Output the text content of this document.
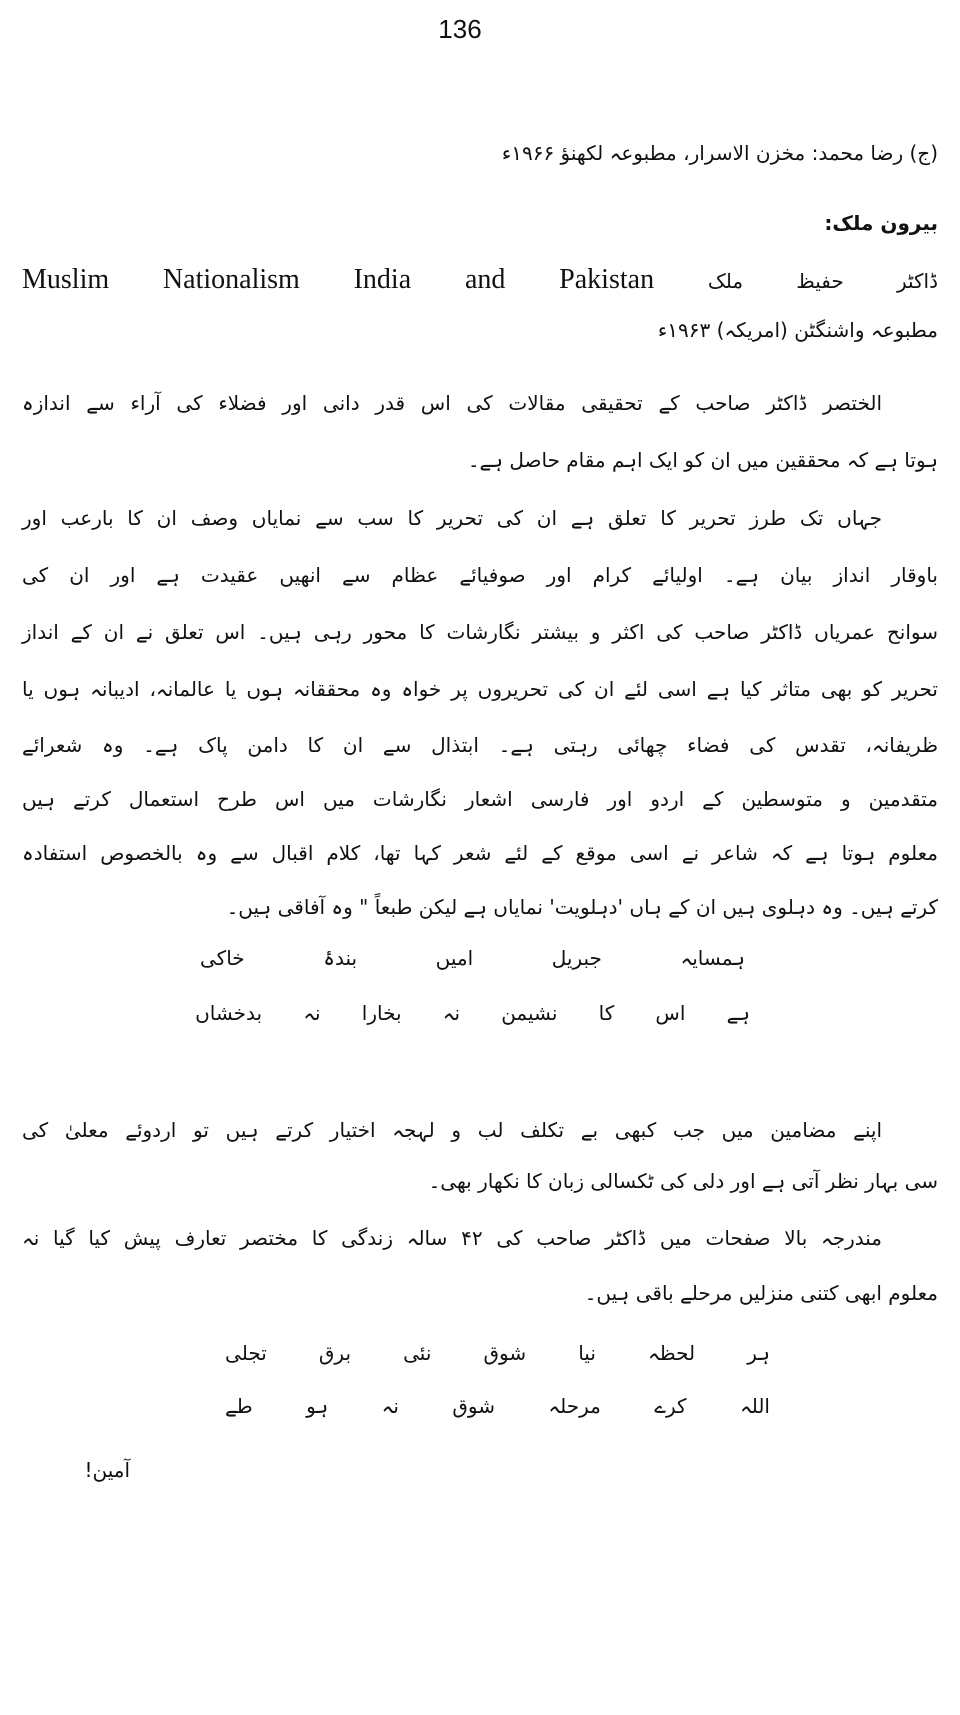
136
(ج) رضا محمد: مخزن الاسرار، مطبوعہ لکھنؤ ۱۹۶۶ء
بیرون ملک:
Muslim Nationalism India and Pakistan	ڈاکٹر حفیظ ملک
مطبوعہ واشنگٹن (امریکہ) ۱۹۶۳ء
الختصر ڈاکٹر صاحب کے تحقیقی مقالات کی اس قدر دانی اور فضلاء کی آراء سے اندازہ
ہوتا ہے کہ محققین میں ان کو ایک اہم مقام حاصل ہے۔
جہاں تک طرز تحریر کا تعلق ہے ان کی تحریر کا سب سے نمایاں وصف ان کا بارعب اور
باوقار انداز بیان ہے۔ اولیائے کرام اور صوفیائے عظام سے انھیں عقیدت ہے اور ان کی
سوانح عمریاں ڈاکٹر صاحب کی اکثر و بیشتر نگارشات کا محور رہی ہیں۔ اس تعلق نے ان کے انداز
تحریر کو بھی متاثر کیا ہے اسی لئے ان کی تحریروں پر خواہ وہ محققانہ ہوں یا عالمانہ، ادیبانہ ہوں یا
ظریفانہ، تقدس کی فضاء چھائی رہتی ہے۔ ابتذال سے ان کا دامن پاک ہے۔ وہ شعرائے
متقدمین و متوسطین کے اردو اور فارسی اشعار نگارشات میں اس طرح استعمال کرتے ہیں
معلوم ہوتا ہے کہ شاعر نے اسی موقع کے لئے شعر کہا تھا، کلام اقبال سے وہ بالخصوص استفادہ
کرتے ہیں۔ وہ دہلوی ہیں ان کے ہاں 'دہلویت' نمایاں ہے لیکن طبعاً " وہ آفاقی ہیں۔
ہمسایہ
جبریل
امیں
بندۂ
خاکی
ہے
اس
کا
نشیمن
نہ
بخارا
نہ
بدخشاں
اپنے مضامین میں جب کبھی بے تکلف لب و لہجہ اختیار کرتے ہیں تو اردوئے معلیٰ کی
سی بہار نظر آتی ہے اور دلی کی ٹکسالی زبان کا نکھار بھی۔
مندرجہ بالا صفحات میں ڈاکٹر صاحب کی ۴۲ سالہ زندگی کا مختصر تعارف پیش کیا گیا نہ
معلوم ابھی کتنی منزلیں مرحلے باقی ہیں۔
ہر
لحظہ
نیا
شوق
نئی
برق
تجلی
اللہ
کرے
مرحلہ
شوق
نہ
ہو
طے
آمین!
